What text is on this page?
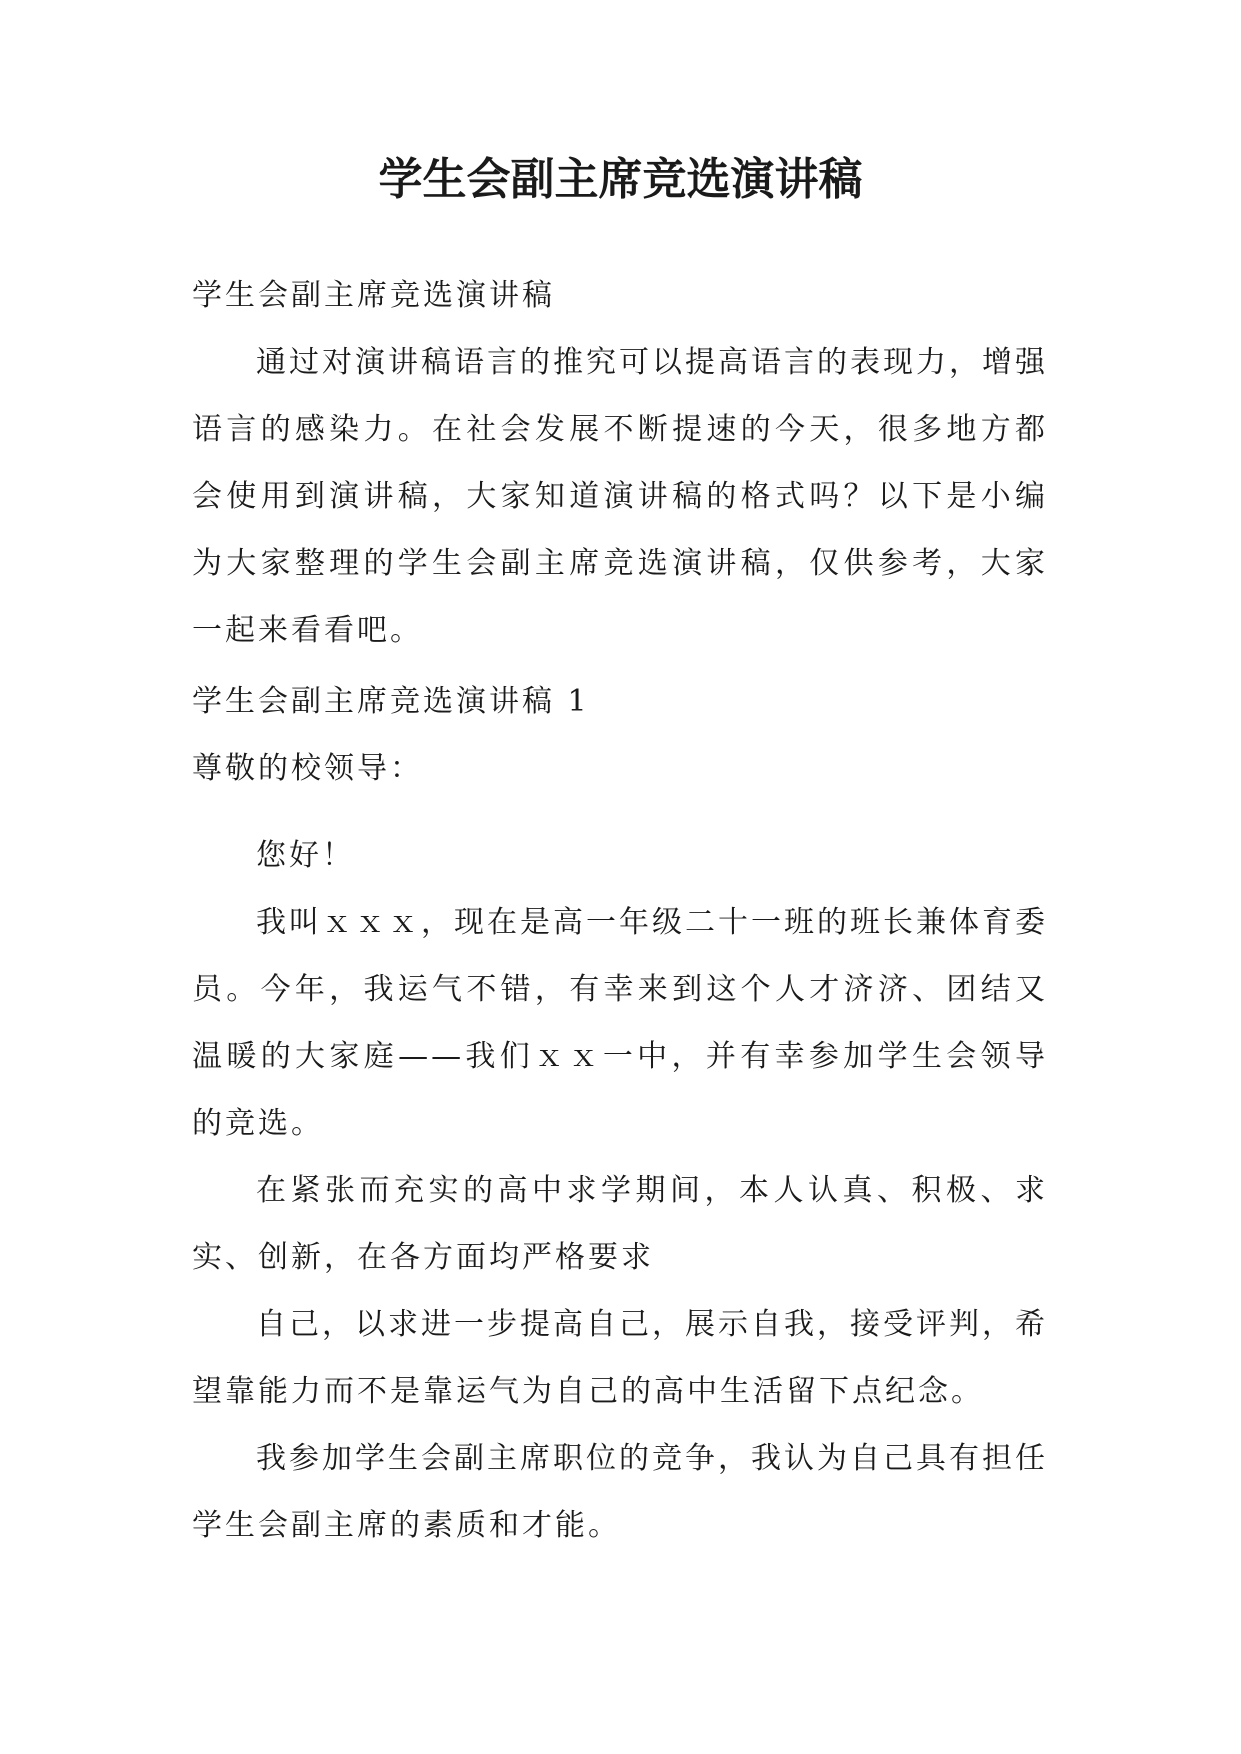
学生会副主席竞选演讲稿

学生会副主席竞选演讲稿

通过对演讲稿语言的推究可以提高语言的表现力，增强语言的感染力。在社会发展不断提速的今天，很多地方都会使用到演讲稿，大家知道演讲稿的格式吗？以下是小编为大家整理的学生会副主席竞选演讲稿，仅供参考，大家一起来看看吧。

学生会副主席竞选演讲稿 1

尊敬的校领导：

您好！

我叫ｘｘｘ，现在是高一年级二十一班的班长兼体育委员。今年，我运气不错，有幸来到这个人才济济、团结又温暖的大家庭——我们ｘｘ一中，并有幸参加学生会领导的竞选。

在紧张而充实的高中求学期间，本人认真、积极、求实、创新，在各方面均严格要求

自己，以求进一步提高自己，展示自我，接受评判，希望靠能力而不是靠运气为自己的高中生活留下点纪念。

我参加学生会副主席职位的竞争，我认为自己具有担任学生会副主席的素质和才能。
